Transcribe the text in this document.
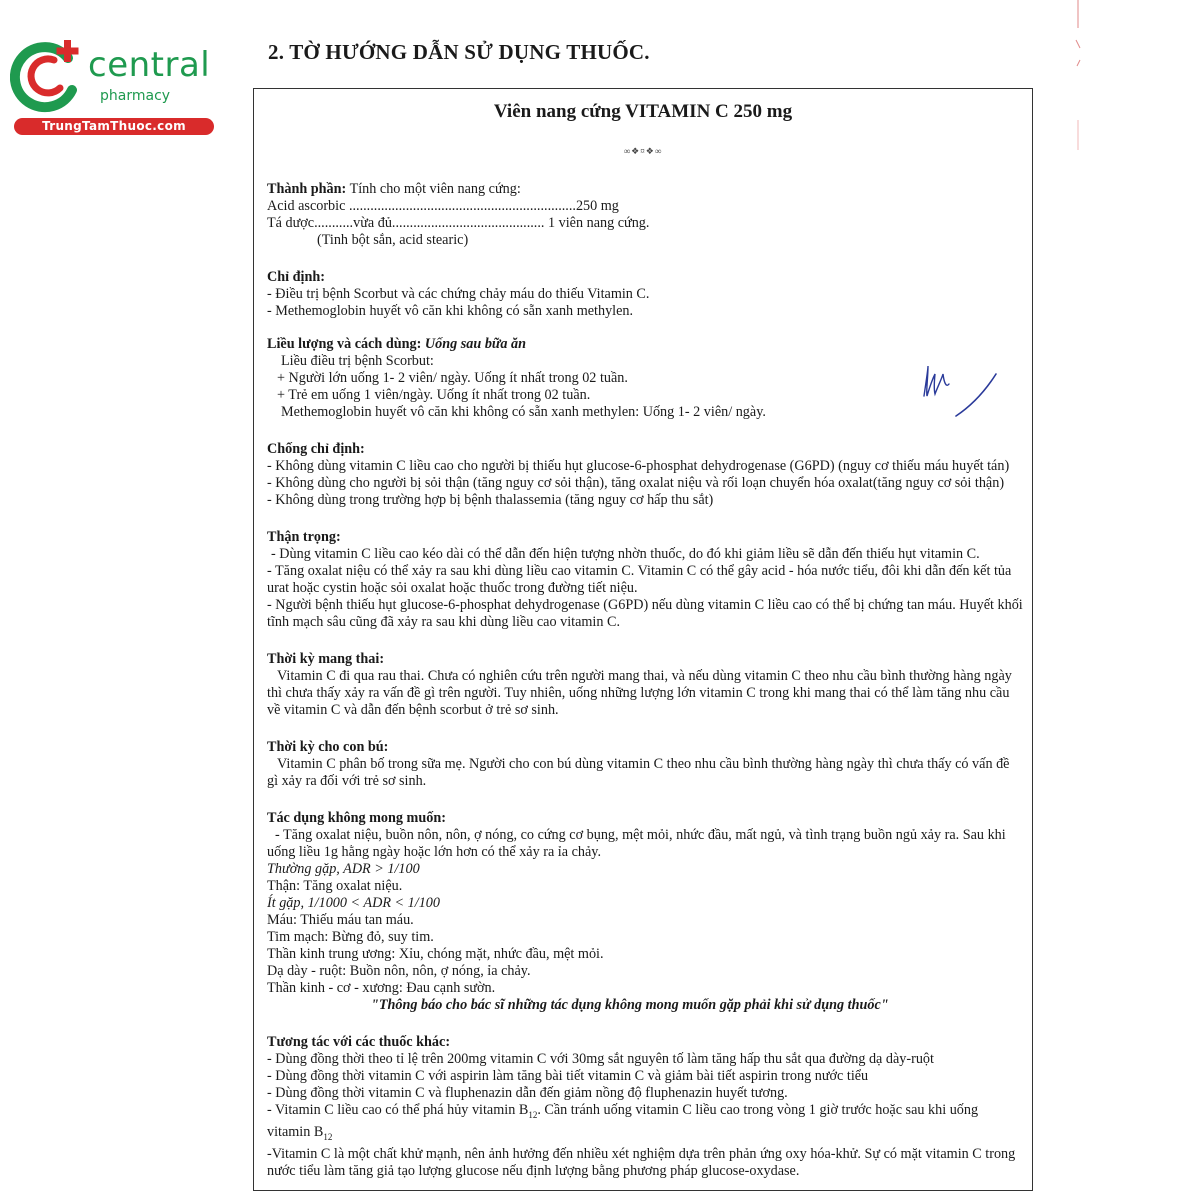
central
pharmacy
TrungTamThuoc.com
2. TỜ HƯỚNG DẪN SỬ DỤNG THUỐC.
Viên nang cứng VITAMIN C 250 mg
∞❖¤❖∞
Thành phần: Tính cho một viên nang cứng:
Acid ascorbic ................................................................250 mg
Tá dược...........vừa đủ........................................... 1 viên nang cứng.
(Tinh bột sắn, acid stearic)
Chỉ định:
- Điều trị bệnh Scorbut và các chứng chảy máu do thiếu Vitamin C.
- Methemoglobin huyết vô căn khi không có sẵn xanh methylen.
Liều lượng và cách dùng: Uống sau bữa ăn
Liều điều trị bệnh Scorbut:
+ Người lớn uống 1- 2 viên/ ngày. Uống ít nhất trong 02 tuần.
+ Trẻ em uống 1 viên/ngày. Uống ít nhất trong 02 tuần.
Methemoglobin huyết vô căn khi không có sẵn xanh methylen: Uống 1- 2 viên/ ngày.
Chống chỉ định:
- Không dùng vitamin C liều cao cho người bị thiếu hụt glucose-6-phosphat dehydrogenase (G6PD) (nguy cơ thiếu máu huyết tán)
- Không dùng cho người bị sỏi thận (tăng nguy cơ sỏi thận), tăng oxalat niệu và rối loạn chuyển hóa oxalat(tăng nguy cơ sỏi thận)
- Không dùng trong trường hợp bị bệnh thalassemia (tăng nguy cơ hấp thu sắt)
Thận trọng:
- Dùng vitamin C liều cao kéo dài có thể dẫn đến hiện tượng nhờn thuốc, do đó khi giảm liều sẽ dẫn đến thiếu hụt vitamin C.
- Tăng oxalat niệu có thể xảy ra sau khi dùng liều cao vitamin C. Vitamin C có thể gây acid - hóa nước tiểu, đôi khi dẫn đến kết tủa urat hoặc cystin hoặc sỏi oxalat hoặc thuốc trong đường tiết niệu.
- Người bệnh thiếu hụt glucose-6-phosphat dehydrogenase (G6PD) nếu dùng vitamin C liều cao có thể bị chứng tan máu. Huyết khối tĩnh mạch sâu cũng đã xảy ra sau khi dùng liều cao vitamin C.
Thời kỳ mang thai:
Vitamin C đi qua rau thai. Chưa có nghiên cứu trên người mang thai, và nếu dùng vitamin C theo nhu cầu bình thường hàng ngày thì chưa thấy xảy ra vấn đề gì trên người. Tuy nhiên, uống những lượng lớn vitamin C trong khi mang thai có thể làm tăng nhu cầu về vitamin C và dẫn đến bệnh scorbut ở trẻ sơ sinh.
Thời kỳ cho con bú:
Vitamin C phân bố trong sữa mẹ. Người cho con bú dùng vitamin C theo nhu cầu bình thường hàng ngày thì chưa thấy có vấn đề gì xảy ra đối với trẻ sơ sinh.
Tác dụng không mong muốn:
- Tăng oxalat niệu, buồn nôn, nôn, ợ nóng, co cứng cơ bụng, mệt mỏi, nhức đầu, mất ngủ, và tình trạng buồn ngủ xảy ra. Sau khi uống liều 1g hằng ngày hoặc lớn hơn có thể xảy ra ỉa chảy.
Thường gặp, ADR > 1/100
Thận: Tăng oxalat niệu.
Ít gặp, 1/1000 < ADR < 1/100
Máu: Thiếu máu tan máu.
Tim mạch: Bừng đỏ, suy tim.
Thần kinh trung ương: Xỉu, chóng mặt, nhức đầu, mệt mỏi.
Dạ dày - ruột: Buồn nôn, nôn, ợ nóng, ỉa chảy.
Thần kinh - cơ - xương: Đau cạnh sườn.
"Thông báo cho bác sĩ những tác dụng không mong muốn gặp phải khi sử dụng thuốc"
Tương tác với các thuốc khác:
- Dùng đồng thời theo tỉ lệ trên 200mg vitamin C với 30mg sắt nguyên tố làm tăng hấp thu sắt qua đường dạ dày-ruột
- Dùng đồng thời vitamin C với aspirin làm tăng bài tiết vitamin C và giảm bài tiết aspirin trong nước tiểu
- Dùng đồng thời vitamin C và fluphenazin dẫn đến giảm nồng độ fluphenazin huyết tương.
- Vitamin C liều cao có thể phá hủy vitamin $B_{12}$. Cần tránh uống vitamin C liều cao trong vòng 1 giờ trước hoặc sau khi uống vitamin $B_{12}$
-Vitamin C là một chất khử mạnh, nên ảnh hưởng đến nhiều xét nghiệm dựa trên phản ứng oxy hóa-khử. Sự có mặt vitamin C trong nước tiểu làm tăng giả tạo lượng glucose nếu định lượng bằng phương pháp glucose-oxydase.
